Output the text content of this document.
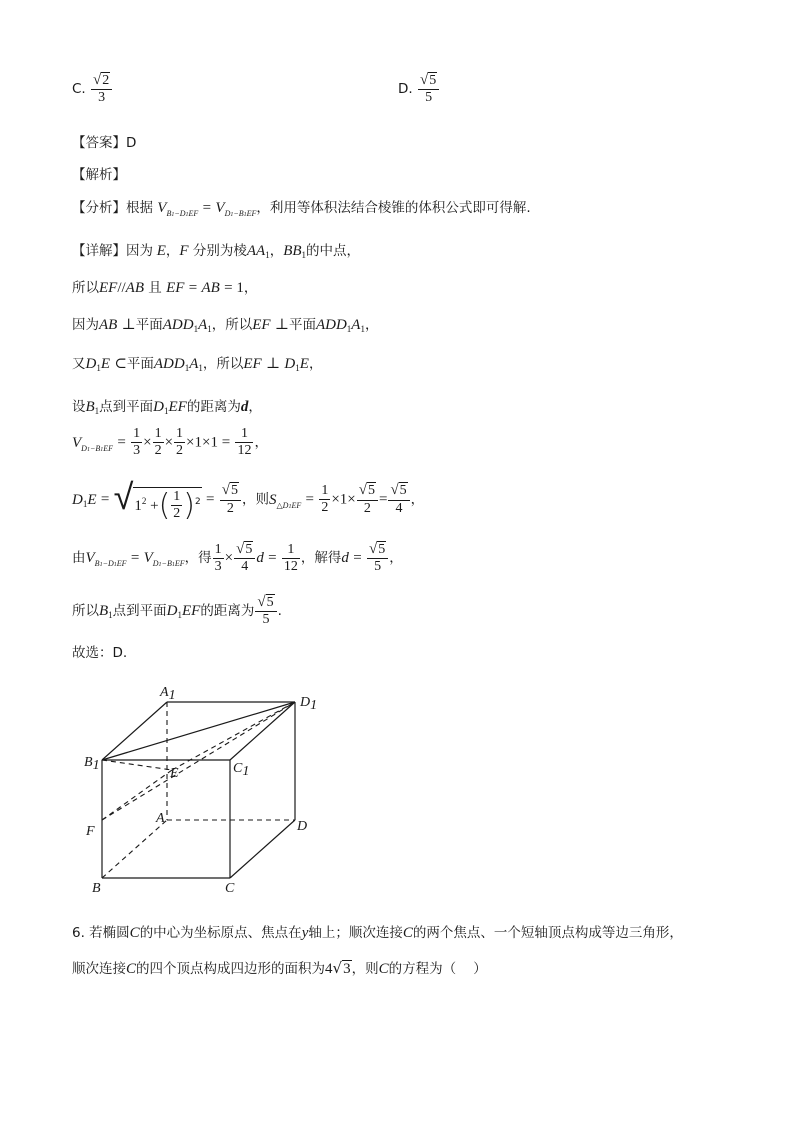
C. $\frac{√2}{3}$	D. $\frac{√5}{5}$
【答案】D
【解析】
【分析】根据 $V_{B1-D1EF} = V_{D1-B1EF}$，利用等体积法结合棱锥的体积公式即可得解.
【详解】因为 E，F 分别为棱$AA_1$，$BB_1$的中点，
所以EF//AB 且 EF = AB = 1，
因为AB ⊥平面$ADD_1A_1$，所以EF ⊥平面$ADD_1A_1$，
又$D_1E$ ⊂平面$ADD_1A_1$，所以EF ⊥ $D_1E$，
设$B_1$点到平面$D_1EF$的距离为d，
$V_{D1-B1EF} = \frac{1}{3} \times \frac{1}{2} \times \frac{1}{2} \times 1\times 1 = \frac{1}{12}$ ，
$D_1E = √1^2$ +( $\frac{1}{2} )^2 = \frac{√5}{2}$ ，则$S_{\triangle D1EF} = \frac{1}{2} \times 1\times \frac{√5}{2} = \frac{√5}{4}$ ，
由$V_{B1-D1EF} = V_{D1-B1EF}$，得 $\frac{1}{3} \times \frac{√5}{4}$ $d = \frac{1}{12}$ ，解得$d = \frac{√5}{5}$ ，
所以$B_1$点到平面$D_1EF$的距离为 $\frac{√5}{5}$ .
故选：D.
A1	D1
B1	C1
E
F
A
D
B	C
6. 若椭圆C的中心为坐标原点、焦点在y轴上；顺次连接C的两个焦点、一个短轴顶点构成等边三角形，
顺次连接C的四个顶点构成四边形的面积为4√3，则C的方程为（ ）
